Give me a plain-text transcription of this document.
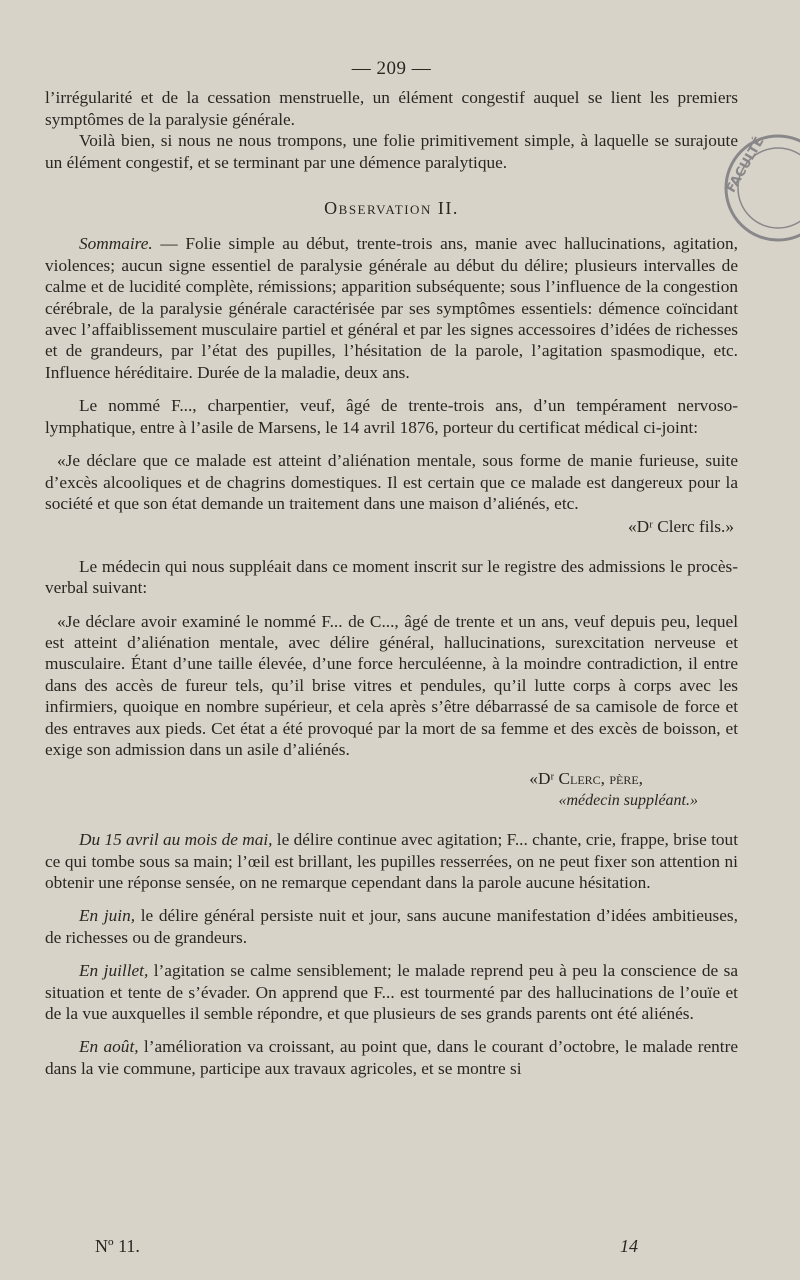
FACULTÉ
— 209 —

l’irrégularité et de la cessation menstruelle, un élément congestif auquel se lient les premiers symptômes de la paralysie générale.

Voilà bien, si nous ne nous trompons, une folie primitivement simple, à laquelle se surajoute un élément congestif, et se terminant par une démence paralytique.

Observation II.

Sommaire. — Folie simple au début, trente-trois ans, manie avec hallucinations, agitation, violences; aucun signe essentiel de paralysie générale au début du délire; plusieurs intervalles de calme et de lucidité complète, rémissions; apparition subséquente; sous l’influence de la congestion cérébrale, de la paralysie générale caractérisée par ses symptômes essentiels: démence coïncidant avec l’affaiblissement musculaire partiel et général et par les signes accessoires d’idées de richesses et de grandeurs, par l’état des pupilles, l’hésitation de la parole, l’agitation spasmodique, etc. Influence héréditaire. Durée de la maladie, deux ans.

Le nommé F..., charpentier, veuf, âgé de trente-trois ans, d’un tempérament nervoso-lymphatique, entre à l’asile de Marsens, le 14 avril 1876, porteur du certificat médical ci-joint:

«Je déclare que ce malade est atteint d’aliénation mentale, sous forme de manie furieuse, suite d’excès alcooliques et de chagrins domestiques. Il est certain que ce malade est dangereux pour la société et que son état demande un traitement dans une maison d’aliénés, etc.

«Dʳ Clerc fils.»

Le médecin qui nous suppléait dans ce moment inscrit sur le registre des admissions le procès-verbal suivant:

«Je déclare avoir examiné le nommé F... de C..., âgé de trente et un ans, veuf depuis peu, lequel est atteint d’aliénation mentale, avec délire général, hallucinations, surexcitation nerveuse et musculaire. Étant d’une taille élevée, d’une force herculéenne, à la moindre contradiction, il entre dans des accès de fureur tels, qu’il brise vitres et pendules, qu’il lutte corps à corps avec les infirmiers, quoique en nombre supérieur, et cela après s’être débarrassé de sa camisole de force et des entraves aux pieds. Cet état a été provoqué par la mort de sa femme et des excès de boisson, et exige son admission dans un asile d’aliénés.

«Dʳ Clerc, père,
«médecin suppléant.»

Du 15 avril au mois de mai, le délire continue avec agitation; F... chante, crie, frappe, brise tout ce qui tombe sous sa main; l’œil est brillant, les pupilles resserrées, on ne peut fixer son attention ni obtenir une réponse sensée, on ne remarque cependant dans la parole aucune hésitation.

En juin, le délire général persiste nuit et jour, sans aucune manifestation d’idées ambitieuses, de richesses ou de grandeurs.

En juillet, l’agitation se calme sensiblement; le malade reprend peu à peu la conscience de sa situation et tente de s’évader. On apprend que F... est tourmenté par des hallucinations de l’ouïe et de la vue auxquelles il semble répondre, et que plusieurs de ses grands parents ont été aliénés.

En août, l’amélioration va croissant, au point que, dans le courant d’octobre, le malade rentre dans la vie commune, participe aux travaux agricoles, et se montre si

Nº 11.	14
